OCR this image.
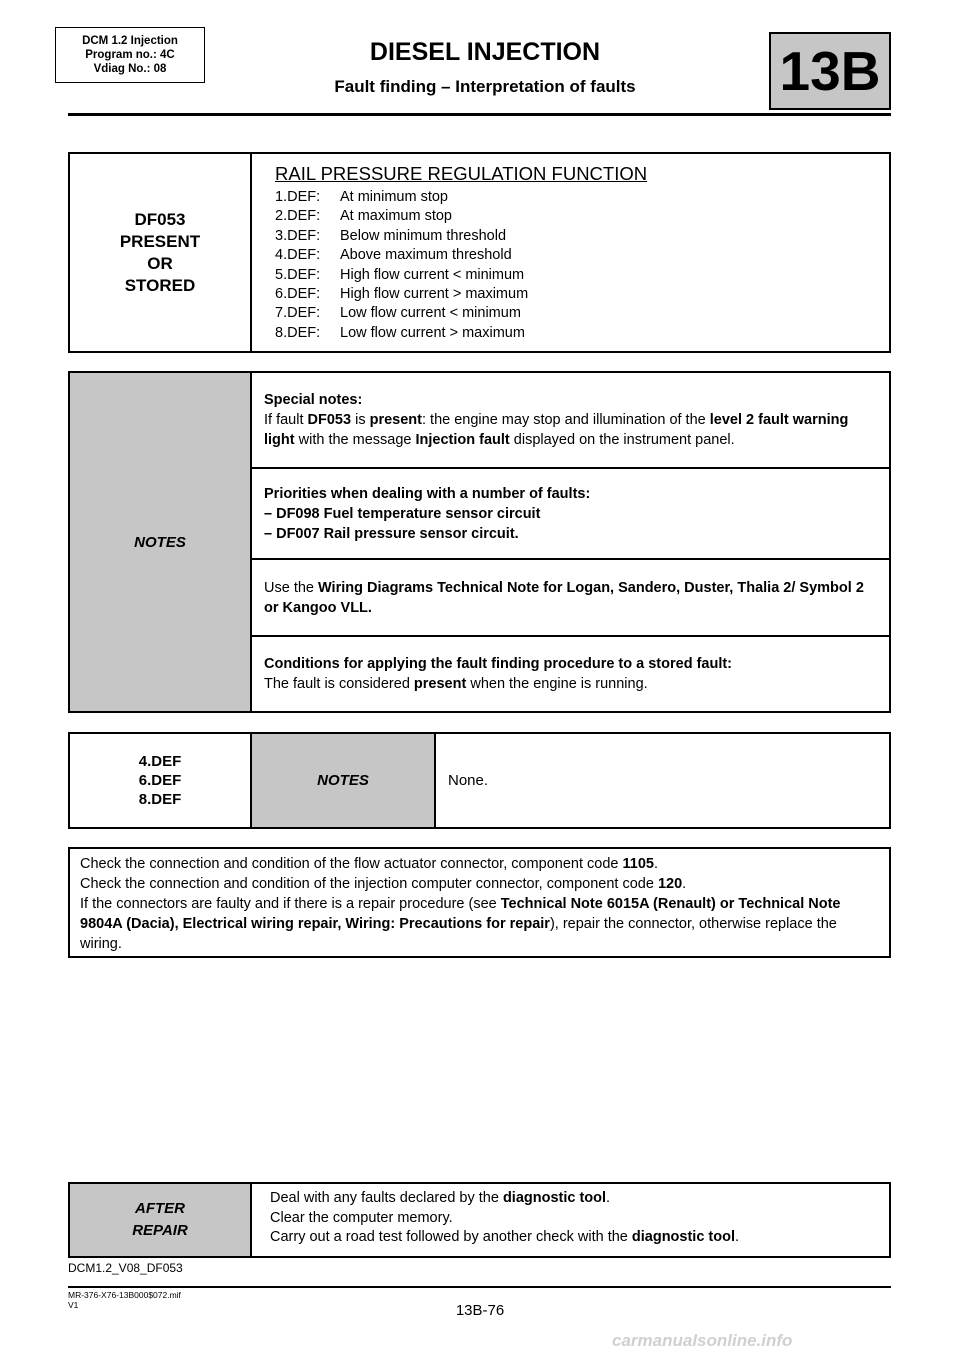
DCM 1.2 Injection
Program no.: 4C
Vdiag No.: 08
DIESEL INJECTION
Fault finding – Interpretation of faults	13B
DF053
PRESENT
OR
STORED
RAIL PRESSURE REGULATION FUNCTION
1.DEF:	At minimum stop
2.DEF:	At maximum stop
3.DEF:	Below minimum threshold
4.DEF:	Above maximum threshold
5.DEF:	High flow current < minimum
6.DEF:	High flow current > maximum
7.DEF:	Low flow current < minimum
8.DEF:	Low flow current > maximum
NOTES
Special notes:
If fault DF053 is present: the engine may stop and illumination of the level 2 fault warning light with the message Injection fault displayed on the instrument panel.
Priorities when dealing with a number of faults:
– DF098 Fuel temperature sensor circuit
– DF007 Rail pressure sensor circuit.
Use the Wiring Diagrams Technical Note for Logan, Sandero, Duster, Thalia 2/ Symbol 2 or Kangoo VLL.
Conditions for applying the fault finding procedure to a stored fault:
The fault is considered present when the engine is running.
4.DEF
6.DEF
8.DEF
NOTES	None.
Check the connection and condition of the flow actuator connector, component code 1105.
Check the connection and condition of the injection computer connector, component code 120.
If the connectors are faulty and if there is a repair procedure (see Technical Note 6015A (Renault) or Technical Note 9804A (Dacia), Electrical wiring repair, Wiring: Precautions for repair), repair the connector, otherwise replace the wiring.
AFTER
REPAIR
Deal with any faults declared by the diagnostic tool.
Clear the computer memory.
Carry out a road test followed by another check with the diagnostic tool.
DCM1.2_V08_DF053
MR-376-X76-13B000$072.mif
V1	13B-76
carmanualsonline.info
